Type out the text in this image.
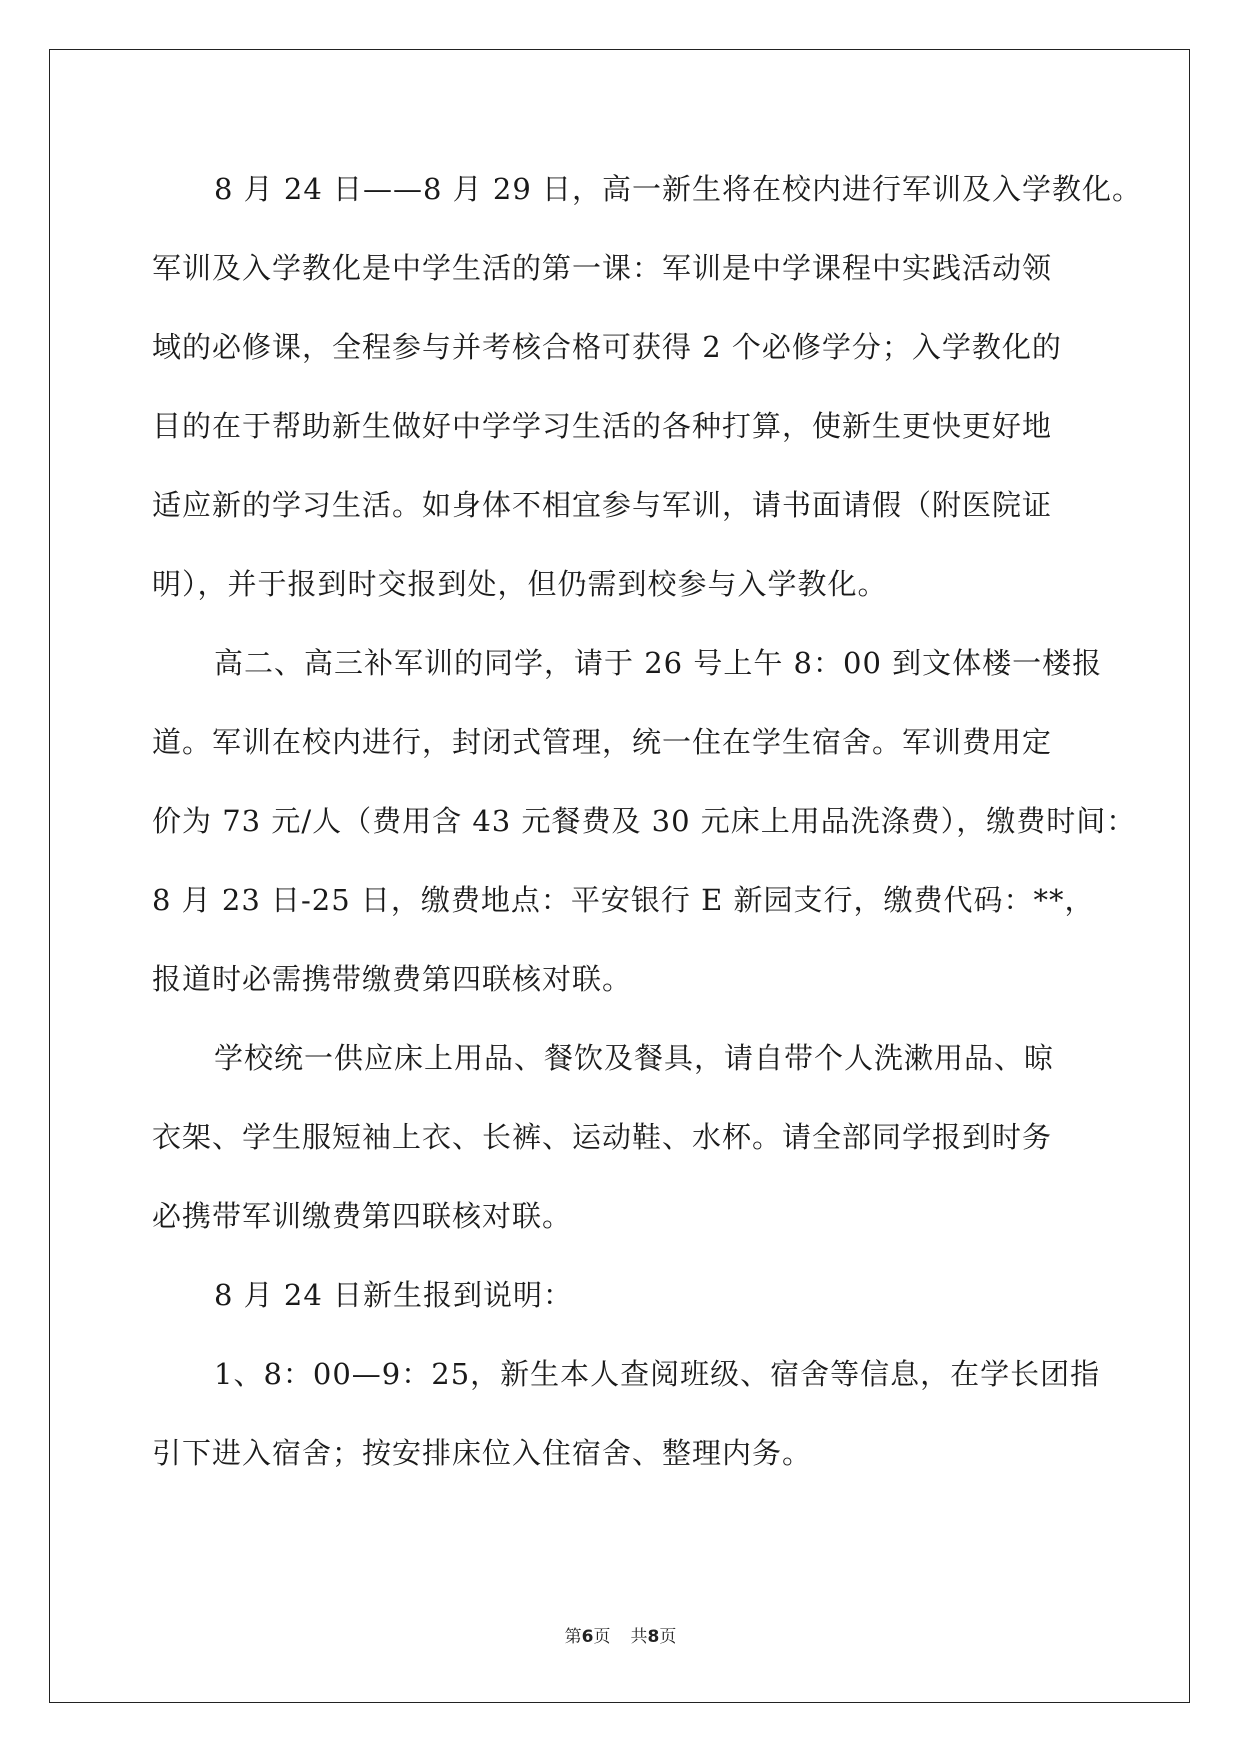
8 月 24 日——8 月 29 日，高一新生将在校内进行军训及入学教化。
军训及入学教化是中学生活的第一课：军训是中学课程中实践活动领
域的必修课，全程参与并考核合格可获得 2 个必修学分；入学教化的
目的在于帮助新生做好中学学习生活的各种打算，使新生更快更好地
适应新的学习生活。如身体不相宜参与军训，请书面请假（附医院证
明），并于报到时交报到处，但仍需到校参与入学教化。
高二、高三补军训的同学，请于 26 号上午 8：00 到文体楼一楼报
道。军训在校内进行，封闭式管理，统一住在学生宿舍。军训费用定
价为 73 元/人（费用含 43 元餐费及 30 元床上用品洗涤费），缴费时间：
8 月 23 日-25 日，缴费地点：平安银行 E 新园支行，缴费代码：**，
报道时必需携带缴费第四联核对联。
学校统一供应床上用品、餐饮及餐具，请自带个人洗漱用品、晾
衣架、学生服短袖上衣、长裤、运动鞋、水杯。请全部同学报到时务
必携带军训缴费第四联核对联。
8 月 24 日新生报到说明：
1、8：00—9：25，新生本人查阅班级、宿舍等信息，在学长团指
引下进入宿舍；按安排床位入住宿舍、整理内务。
第6页 共8页
